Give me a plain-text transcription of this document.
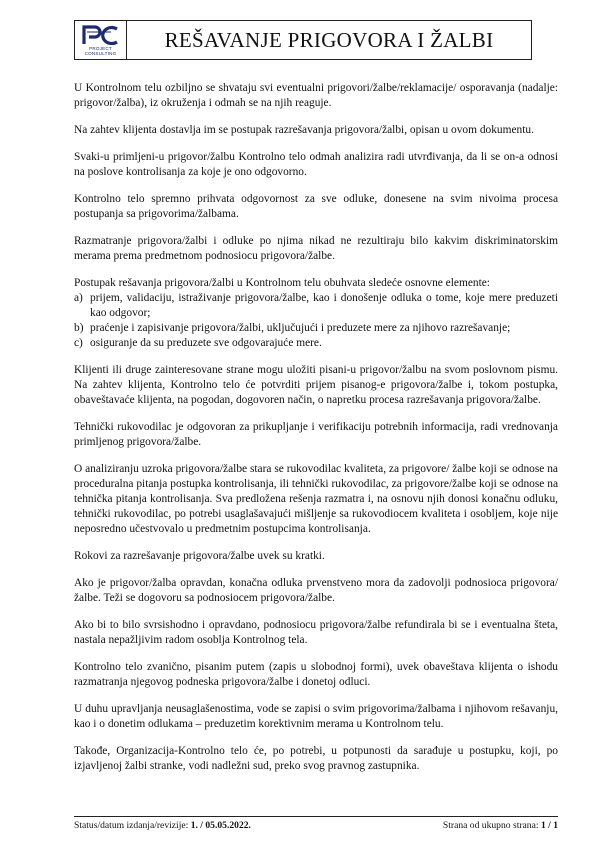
PROJECT
CONSULTING
REŠAVANJE PRIGOVORA I ŽALBI

U Kontrolnom telu ozbiljno se shvataju svi eventualni prigovori/žalbe/reklamacije/ osporavanja (nadalje: prigovor/žalba), iz okruženja i odmah se na njih reaguje.

Na zahtev klijenta dostavlja im se postupak razrešavanja prigovora/žalbi, opisan u ovom dokumentu.

Svaki-u primljeni-u prigovor/žalbu Kontrolno telo odmah analizira radi utvrđivanja, da li se on-a odnosi na poslove kontrolisanja za koje je ono odgovorno.

Kontrolno telo spremno prihvata odgovornost za sve odluke, donesene na svim nivoima procesa postupanja sa prigovorima/žalbama.

Razmatranje prigovora/žalbi i odluke po njima nikad ne rezultiraju bilo kakvim diskriminatorskim merama prema predmetnom podnosiocu prigovora/žalbe.

Postupak rešavanja prigovora/žalbi u Kontrolnom telu obuhvata sledeće osnovne elemente:

a) prijem, validaciju, istraživanje prigovora/žalbe, kao i donošenje odluka o tome, koje mere preduzeti kao odgovor;
b) praćenje i zapisivanje prigovora/žalbi, uključujući i preduzete mere za njihovo razrešavanje;
c) osiguranje da su preduzete sve odgovarajuće mere.

Klijenti ili druge zainteresovane strane mogu uložiti pisani-u prigovor/žalbu na svom poslovnom pismu. Na zahtev klijenta, Kontrolno telo će potvrditi prijem pisanog-e prigovora/žalbe i, tokom postupka, obaveštavaće klijenta, na pogodan, dogovoren način, o napretku procesa razrešavanja prigovora/žalbe.

Tehnički rukovodilac je odgovoran za prikupljanje i verifikaciju potrebnih informacija, radi vrednovanja primljenog prigovora/žalbe.

O analiziranju uzroka prigovora/žalbe stara se rukovodilac kvaliteta, za prigovore/ žalbe koji se odnose na proceduralna pitanja postupka kontrolisanja, ili tehnički rukovodilac, za prigovore/žalbe koji se odnose na tehnička pitanja kontrolisanja. Sva predložena rešenja razmatra i, na osnovu njih donosi konačnu odluku, tehnički rukovodilac, po potrebi usaglašavajući mišljenje sa rukovodiocem kvaliteta i osobljem, koje nije neposredno učestvovalo u predmetnim postupcima kontrolisanja.

Rokovi za razrešavanje prigovora/žalbe uvek su kratki.

Ako je prigovor/žalba opravdan, konačna odluka prvenstveno mora da zadovolji podnosioca prigovora/žalbe. Teži se dogovoru sa podnosiocem prigovora/žalbe.

Ako bi to bilo svrsishodno i opravdano, podnosiocu prigovora/žalbe refundirala bi se i eventualna šteta, nastala nepažljivim radom osoblja Kontrolnog tela.

Kontrolno telo zvanično, pisanim putem (zapis u slobodnoj formi), uvek obaveštava klijenta o ishodu razmatranja njegovog podneska prigovora/žalbe i donetoj odluci.

U duhu upravljanja neusaglašenostima, vode se zapisi o svim prigovorima/žalbama i njihovom rešavanju, kao i o donetim odlukama – preduzetim korektivnim merama u Kontrolnom telu.

Takođe, Organizacija-Kontrolno telo će, po potrebi, u potpunosti da sarađuje u postupku, koji, po izjavljenoj žalbi stranke, vodi nadležni sud, preko svog pravnog zastupnika.

Status/datum izdanja/revizije: 1. / 05.05.2022.	Strana od ukupno strana: 1 / 1
